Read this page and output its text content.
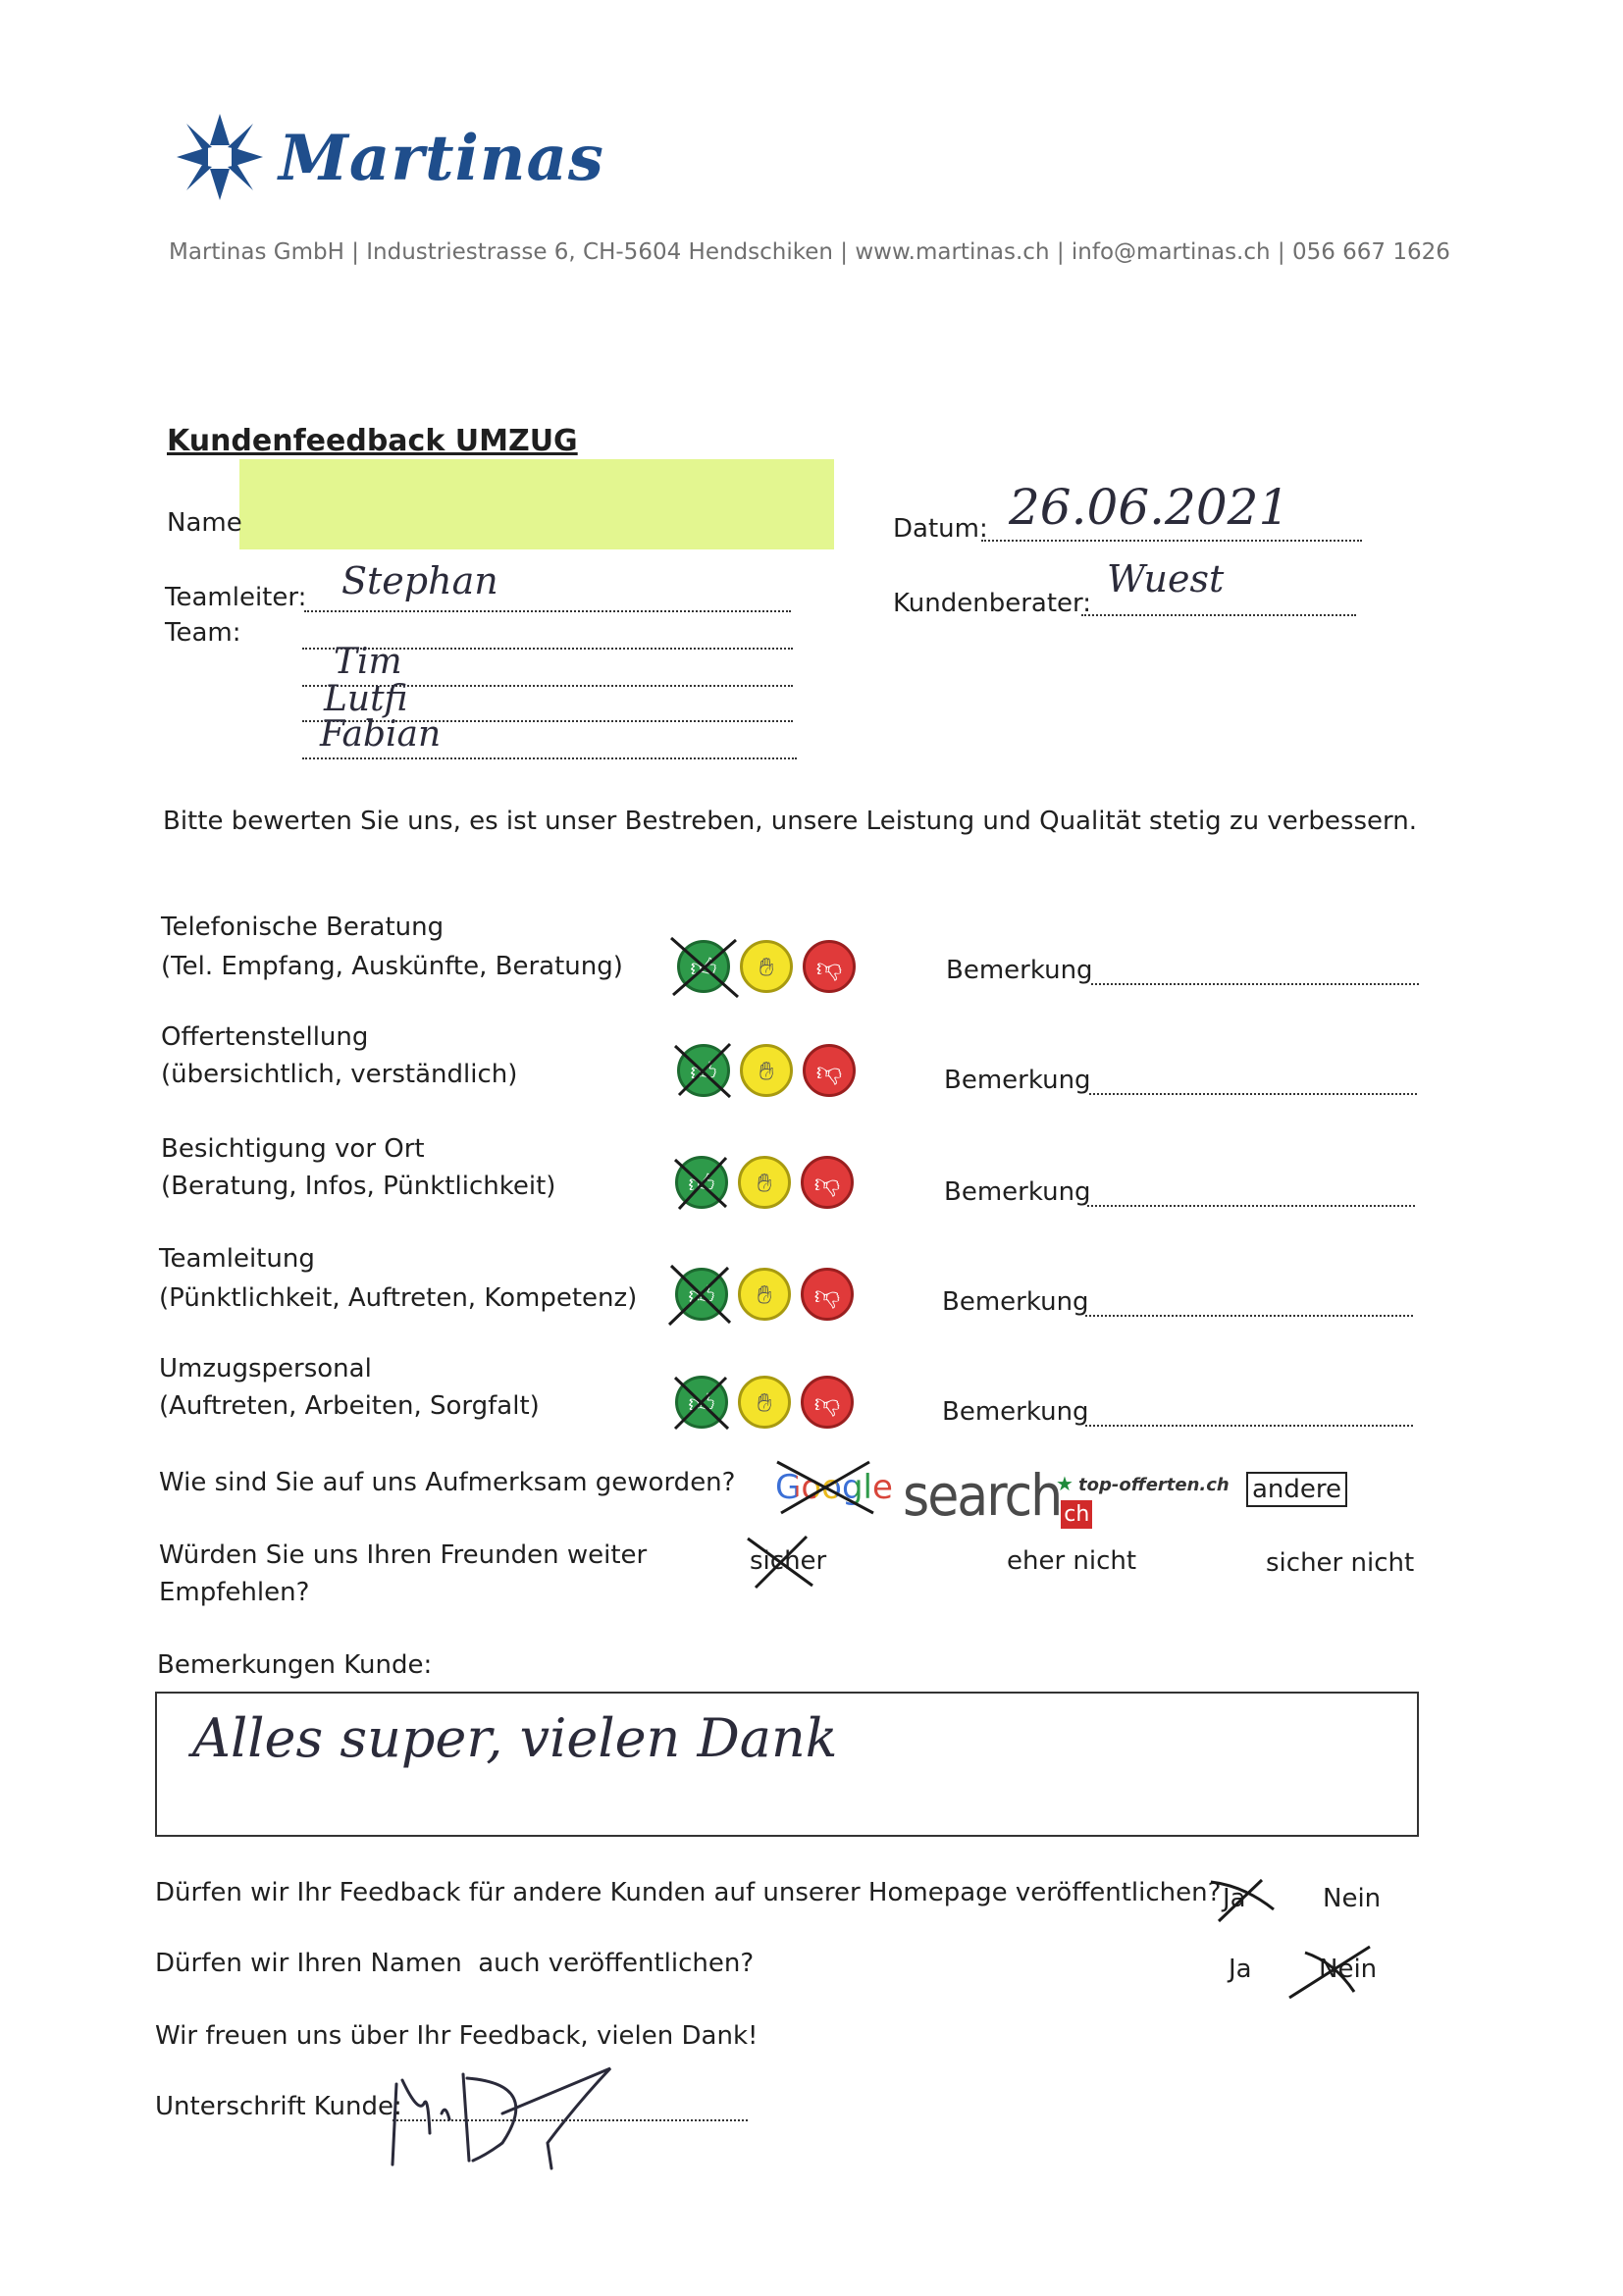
Martinas
Martinas GmbH | Industriestrasse 6, CH-5604 Hendschiken | www.martinas.ch | info@martinas.ch | 056 667 1626
Kundenfeedback UMZUG
Name	Datum: 26.06.2021
Teamleiter: Stephan
Kundenberater:
Wuest
Team:
Tim
Lutfi
Fabian
Bitte bewerten Sie uns, es ist unser Bestreben, unsere Leistung und Qualität stetig zu verbessern.
Telefonische Beratung
(Tel. Empfang, Auskünfte, Beratung)	👍︎	✋︎	👎︎	Bemerkung
Offertenstellung
(übersichtlich, verständlich)	👍︎	✋︎	👎︎	Bemerkung
Besichtigung vor Ort
(Beratung, Infos, Pünktlichkeit)	👍︎	✋︎	👎︎	Bemerkung
Teamleitung
(Pünktlichkeit, Auftreten, Kompetenz)	👍︎	✋︎	👎︎	Bemerkung
Umzugspersonal
(Auftreten, Arbeiten, Sorgfalt)	👍︎	✋︎	👎︎	Bemerkung
Wie sind Sie auf uns Aufmerksam geworden? Google search ch
★ top-offerten.ch andere
Würden Sie uns Ihren Freunden weiter
Empfehlen?
sicher	eher nicht	sicher nicht
Bemerkungen Kunde:
Alles super, vielen Dank
Dürfen wir Ihr Feedback für andere Kunden auf unserer Homepage veröffentlichen? Ja	Nein
Dürfen wir Ihren Namen  auch veröffentlichen?	Ja	Nein
Wir freuen uns über Ihr Feedback, vielen Dank!
Unterschrift Kunde:
